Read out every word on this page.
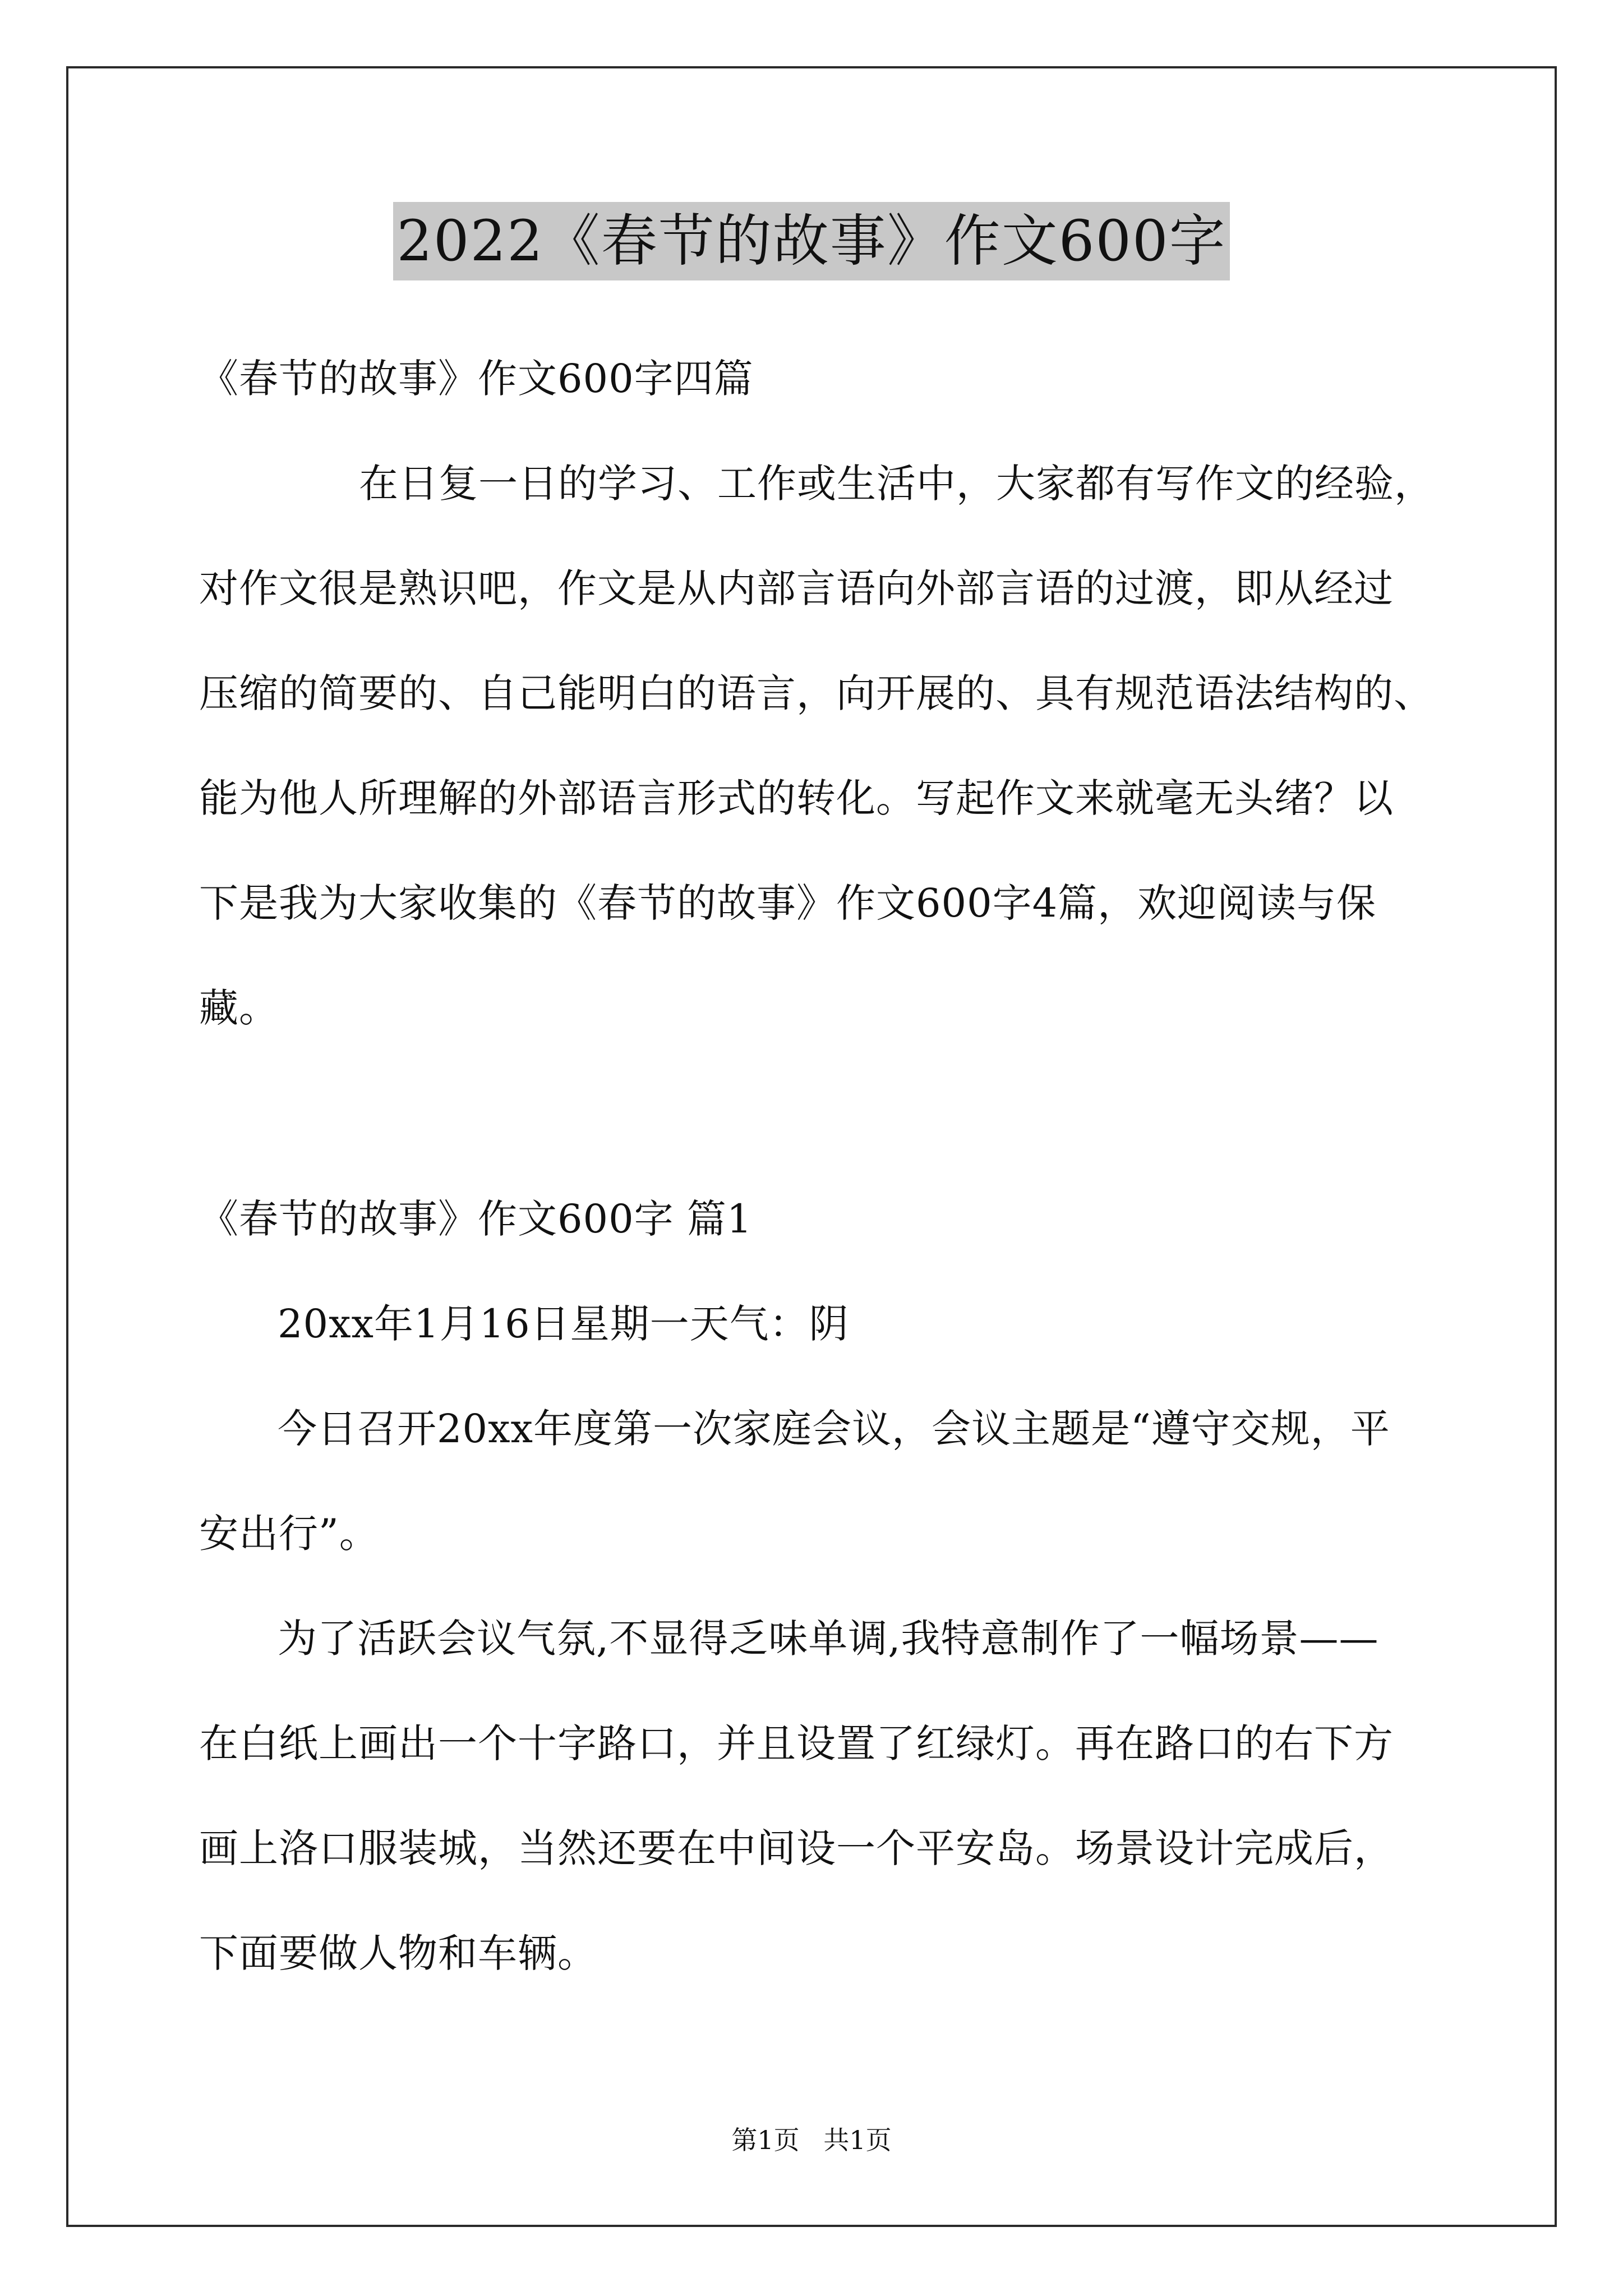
2022《春节的故事》作文600字
《春节的故事》作文600字四篇
在日复一日的学习、工作或生活中，大家都有写作文的经验，
对作文很是熟识吧，作文是从内部言语向外部言语的过渡，即从经过
压缩的简要的、自己能明白的语言，向开展的、具有规范语法结构的、
能为他人所理解的外部语言形式的转化。写起作文来就毫无头绪？以
下是我为大家收集的《春节的故事》作文600字4篇，欢迎阅读与保
藏。
《春节的故事》作文600字 篇1
20xx年1月16日星期一天气：阴
今日召开20xx年度第一次家庭会议，会议主题是“遵守交规，平
安出行”。
为了活跃会议气氛,不显得乏味单调,我特意制作了一幅场景——
在白纸上画出一个十字路口，并且设置了红绿灯。再在路口的右下方
画上洛口服装城，当然还要在中间设一个平安岛。场景设计完成后，
下面要做人物和车辆。
第1页 共1页
